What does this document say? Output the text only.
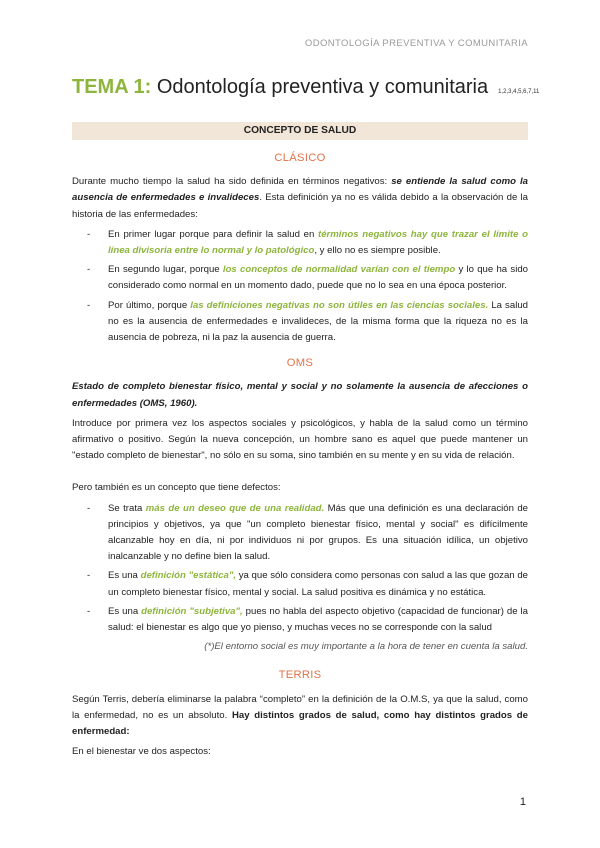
ODONTOLOGÍA PREVENTIVA Y COMUNITARIA
TEMA 1: Odontología preventiva y comunitaria 1,2,3,4,5,6,7,11
CONCEPTO DE SALUD
CLÁSICO

Durante mucho tiempo la salud ha sido definida en términos negativos: se entiende la salud como la ausencia de enfermedades e invalideces. Esta definición ya no es válida debido a la observación de la historia de las enfermedades:

- En primer lugar porque para definir la salud en términos negativos hay que trazar el límite o línea divisoria entre lo normal y lo patológico, y ello no es siempre posible.
- En segundo lugar, porque los conceptos de normalidad varían con el tiempo y lo que ha sido considerado como normal en un momento dado, puede que no lo sea en una época posterior.
- Por último, porque las definiciones negativas no son útiles en las ciencias sociales. La salud no es la ausencia de enfermedades e invalideces, de la misma forma que la riqueza no es la ausencia de pobreza, ni la paz la ausencia de guerra.
OMS

Estado de completo bienestar físico, mental y social y no solamente la ausencia de afecciones o enfermedades (OMS, 1960).

Introduce por primera vez los aspectos sociales y psicológicos, y habla de la salud como un término afirmativo o positivo. Según la nueva concepción, un hombre sano es aquel que puede mantener un "estado completo de bienestar", no sólo en su soma, sino también en su mente y en su vida de relación.

Pero también es un concepto que tiene defectos:

- Se trata más de un deseo que de una realidad. Más que una definición es una declaración de principios y objetivos, ya que "un completo bienestar físico, mental y social" es difícilmente alcanzable hoy en día, ni por individuos ni por grupos. Es una situación idílica, un objetivo inalcanzable y no define bien la salud.
- Es una definición "estática", ya que sólo considera como personas con salud a las que gozan de un completo bienestar físico, mental y social. La salud positiva es dinámica y no estática.
- Es una definición "subjetiva", pues no habla del aspecto objetivo (capacidad de funcionar) de la salud: el bienestar es algo que yo pienso, y muchas veces no se corresponde con la salud
(*)El entorno social es muy importante a la hora de tener en cuenta la salud.
TERRIS

Según Terris, debería eliminarse la palabra “completo” en la definición de la O.M.S, ya que la salud, como la enfermedad, no es un absoluto. Hay distintos grados de salud, como hay distintos grados de enfermedad:

En el bienestar ve dos aspectos:

1
